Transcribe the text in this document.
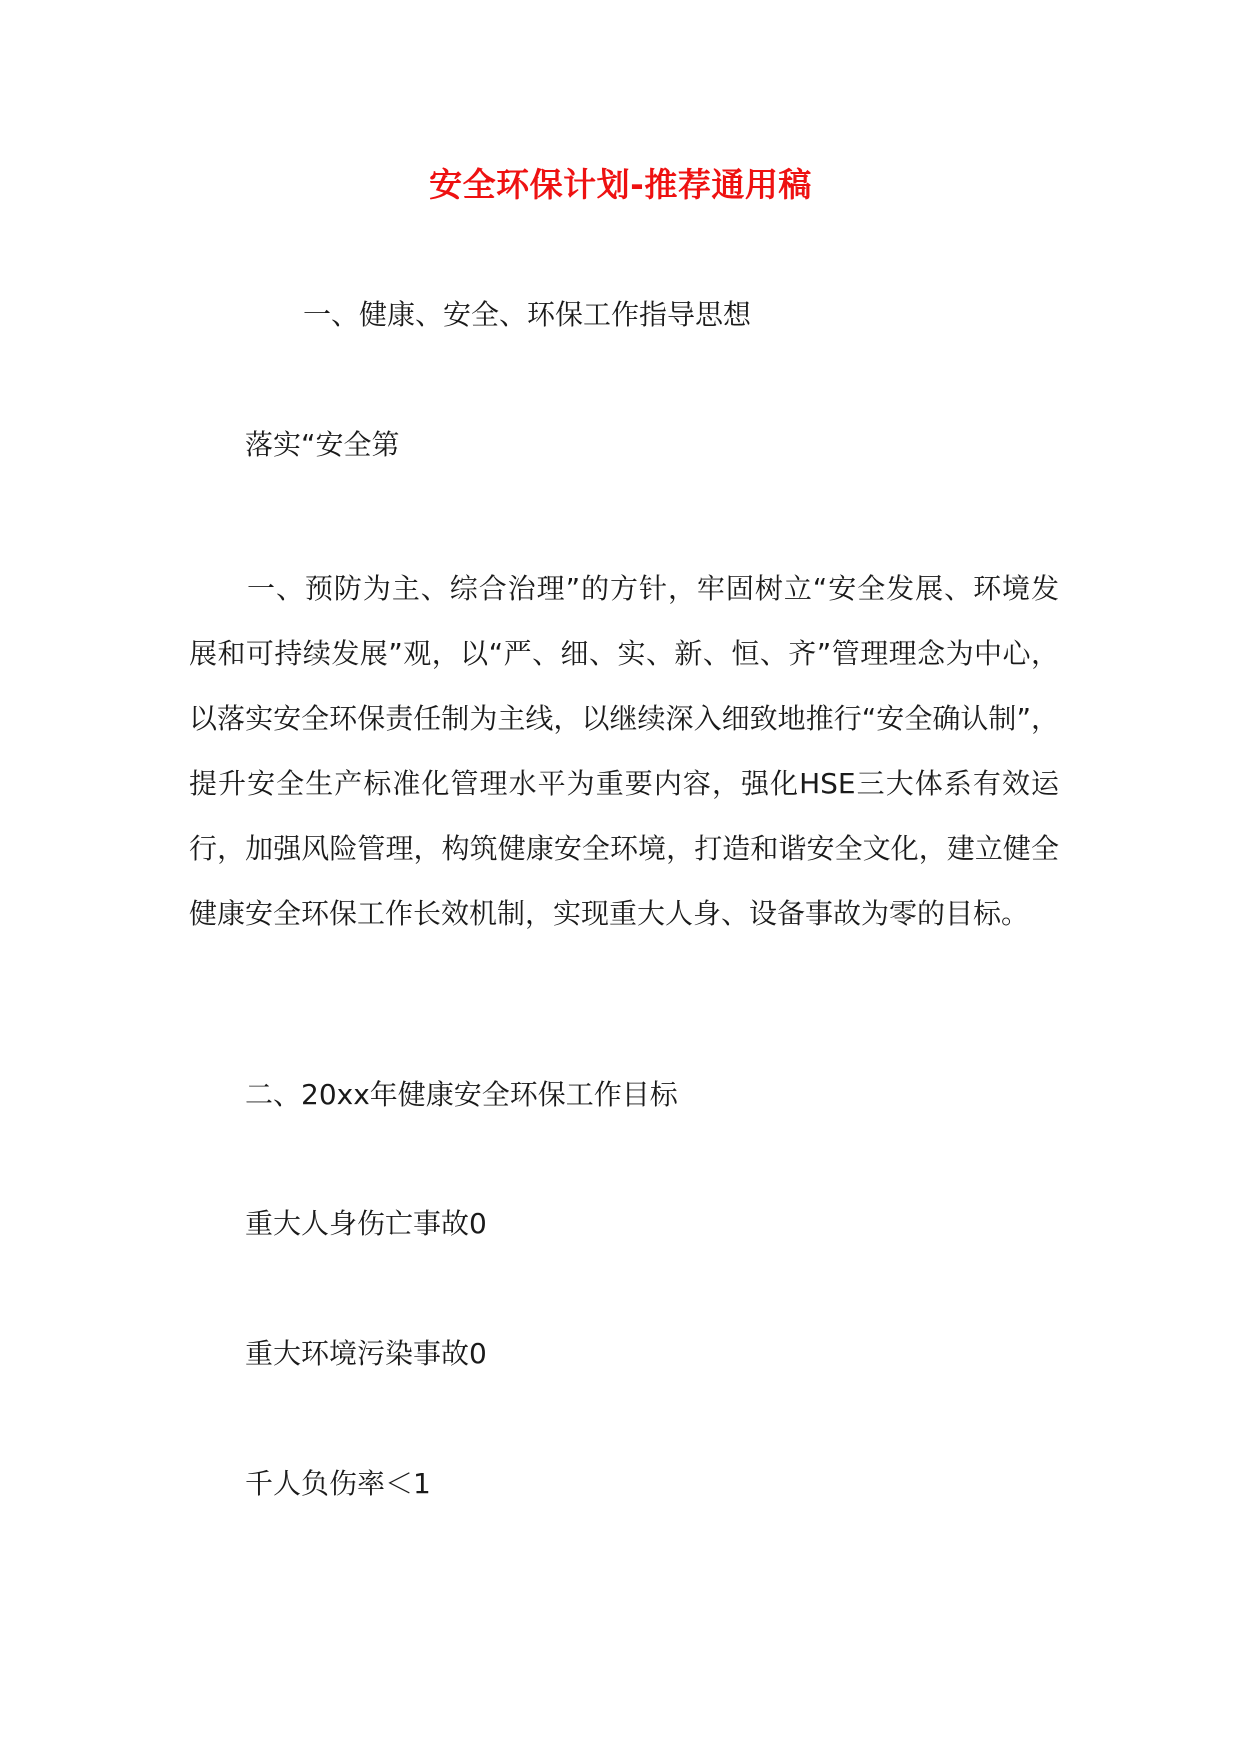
安全环保计划-推荐通用稿
一、健康、安全、环保工作指导思想
落实“安全第
一、预防为主、综合治理”的方针，牢固树立“安全发展、环境发展和可持续发展”观，以“严、细、实、新、恒、齐”管理理念为中心，以落实安全环保责任制为主线，以继续深入细致地推行“安全确认制”，提升安全生产标准化管理水平为重要内容，强化HSE三大体系有效运行，加强风险管理，构筑健康安全环境，打造和谐安全文化，建立健全健康安全环保工作长效机制，实现重大人身、设备事故为零的目标。
二、20xx年健康安全环保工作目标
重大人身伤亡事故0
重大环境污染事故0
千人负伤率＜1
